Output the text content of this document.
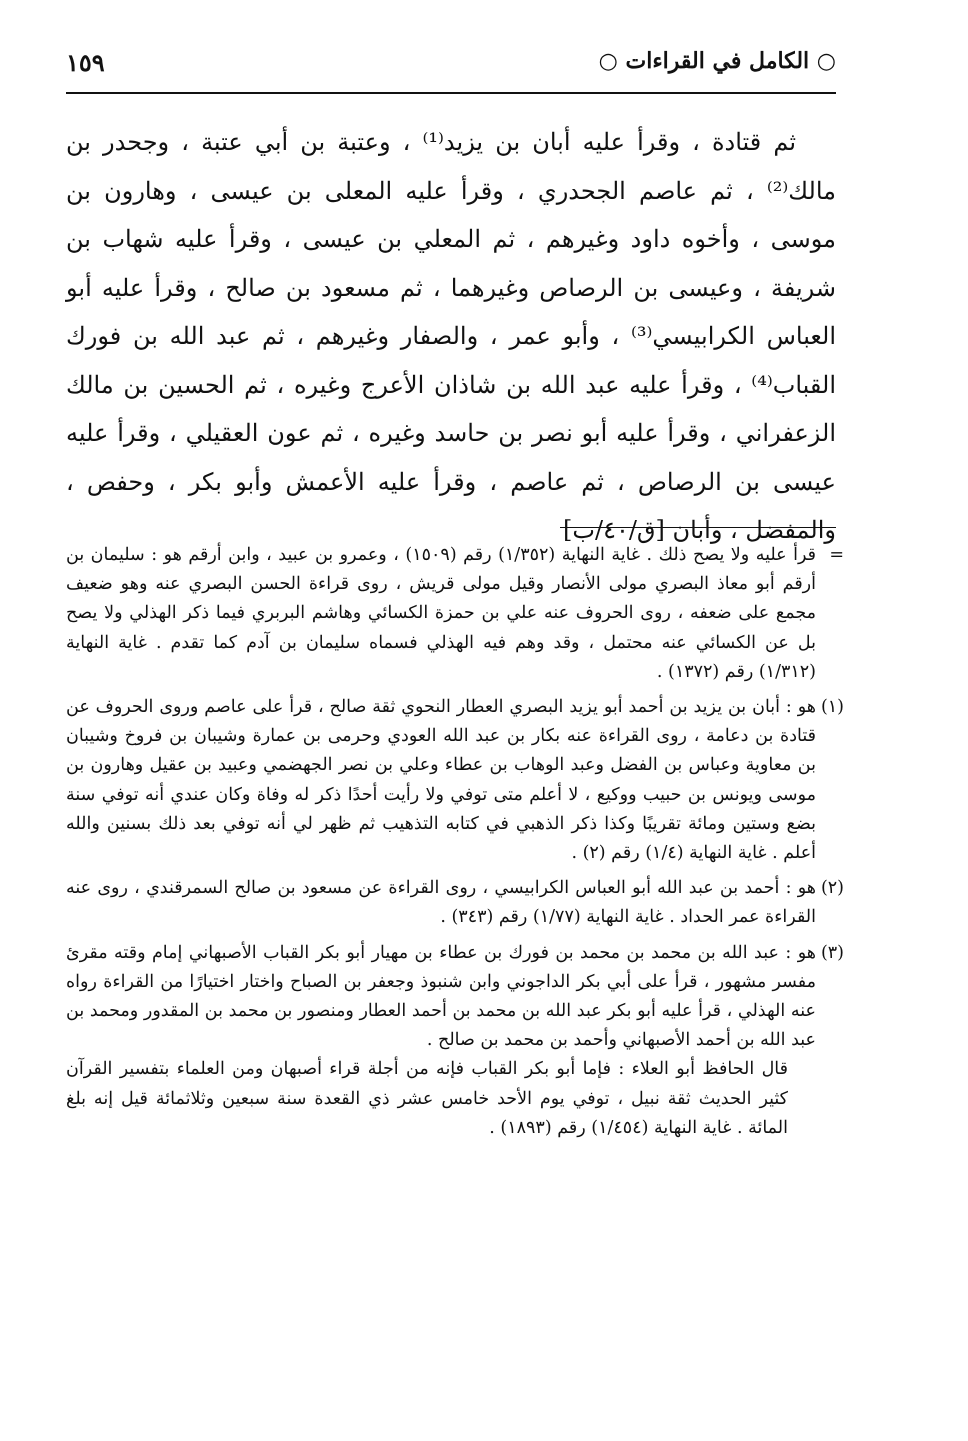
○ الكامل في القراءات ○
١٥٩

ثم قتادة ، وقرأ عليه أبان بن يزيد⁽¹⁾ ، وعتبة بن أبي عتبة ، وجحدر بن مالك⁽²⁾ ، ثم عاصم الجحدري ، وقرأ عليه المعلى بن عيسى ، وهارون بن موسى ، وأخوه داود وغيرهم ، ثم المعلي بن عيسى ، وقرأ عليه شهاب بن شريفة ، وعيسى بن الرصاص وغيرهما ، ثم مسعود بن صالح ، وقرأ عليه أبو العباس الكرابيسي⁽³⁾ ، وأبو عمر ، والصفار وغيرهم ، ثم عبد الله بن فورك القباب⁽⁴⁾ ، وقرأ عليه عبد الله بن شاذان الأعرج وغيره ، ثم الحسين بن مالك الزعفراني ، وقرأ عليه أبو نصر بن حاسد وغيره ، ثم عون العقيلي ، وقرأ عليه عيسى بن الرصاص ، ثم عاصم ، وقرأ عليه الأعمش وأبو بكر ، وحفص ، والمفضل ، وأبان [ق/٤٠/ب]

=
قرأ عليه ولا يصح ذلك . غاية النهاية (١/٣٥٢) رقم (١٥٠٩) ، وعمرو بن عبيد ، وابن أرقم هو : سليمان بن أرقم أبو معاذ البصري مولى الأنصار وقيل مولى قريش ، روى قراءة الحسن البصري عنه وهو ضعيف مجمع على ضعفه ، روى الحروف عنه علي بن حمزة الكسائي وهاشم البربري فيما ذكر الهذلي ولا يصح بل عن الكسائي عنه محتمل ، وقد وهم فيه الهذلي فسماه سليمان بن آدم كما تقدم . غاية النهاية (١/٣١٢) رقم (١٣٧٢) .
(١)
هو : أبان بن يزيد بن أحمد أبو يزيد البصري العطار النحوي ثقة صالح ، قرأ على عاصم وروى الحروف عن قتادة بن دعامة ، روى القراءة عنه بكار بن عبد الله العودي وحرمى بن عمارة وشيبان بن فروخ وشيبان بن معاوية وعباس بن الفضل وعبد الوهاب بن عطاء وعلي بن نصر الجهضمي وعبيد بن عقيل وهارون بن موسى ويونس بن حبيب ووكيع ، لا أعلم متى توفي ولا رأيت أحدًا ذكر له وفاة وكان عندي أنه توفي سنة بضع وستين ومائة تقريبًا وكذا ذكر الذهبي في كتابه التذهيب ثم ظهر لي أنه توفي بعد ذلك بسنين والله أعلم . غاية النهاية (١/٤) رقم (٢) .
(٢)
هو : أحمد بن عبد الله أبو العباس الكرابيسي ، روى القراءة عن مسعود بن صالح السمرقندي ، روى عنه القراءة عمر الحداد . غاية النهاية (١/٧٧) رقم (٣٤٣) .
(٣)
هو : عبد الله بن محمد بن محمد بن فورك بن عطاء بن مهيار أبو بكر القباب الأصبهاني إمام وقته مقرئ مفسر مشهور ، قرأ على أبي بكر الداجوني وابن شنبوذ وجعفر بن الصباح واختار اختيارًا من القراءة رواه عنه الهذلي ، قرأ عليه أبو بكر عبد الله بن محمد بن أحمد العطار ومنصور بن محمد بن المقدور ومحمد بن عبد الله بن أحمد الأصبهاني وأحمد بن محمد بن صالح .

قال الحافظ أبو العلاء : فإما أبو بكر القباب فإنه من أجلة قراء أصبهان ومن العلماء بتفسير القرآن كثير الحديث ثقة نبيل ، توفي يوم الأحد خامس عشر ذي القعدة سنة سبعين وثلاثمائة قيل إنه بلغ المائة . غاية النهاية (١/٤٥٤) رقم (١٨٩٣) .
